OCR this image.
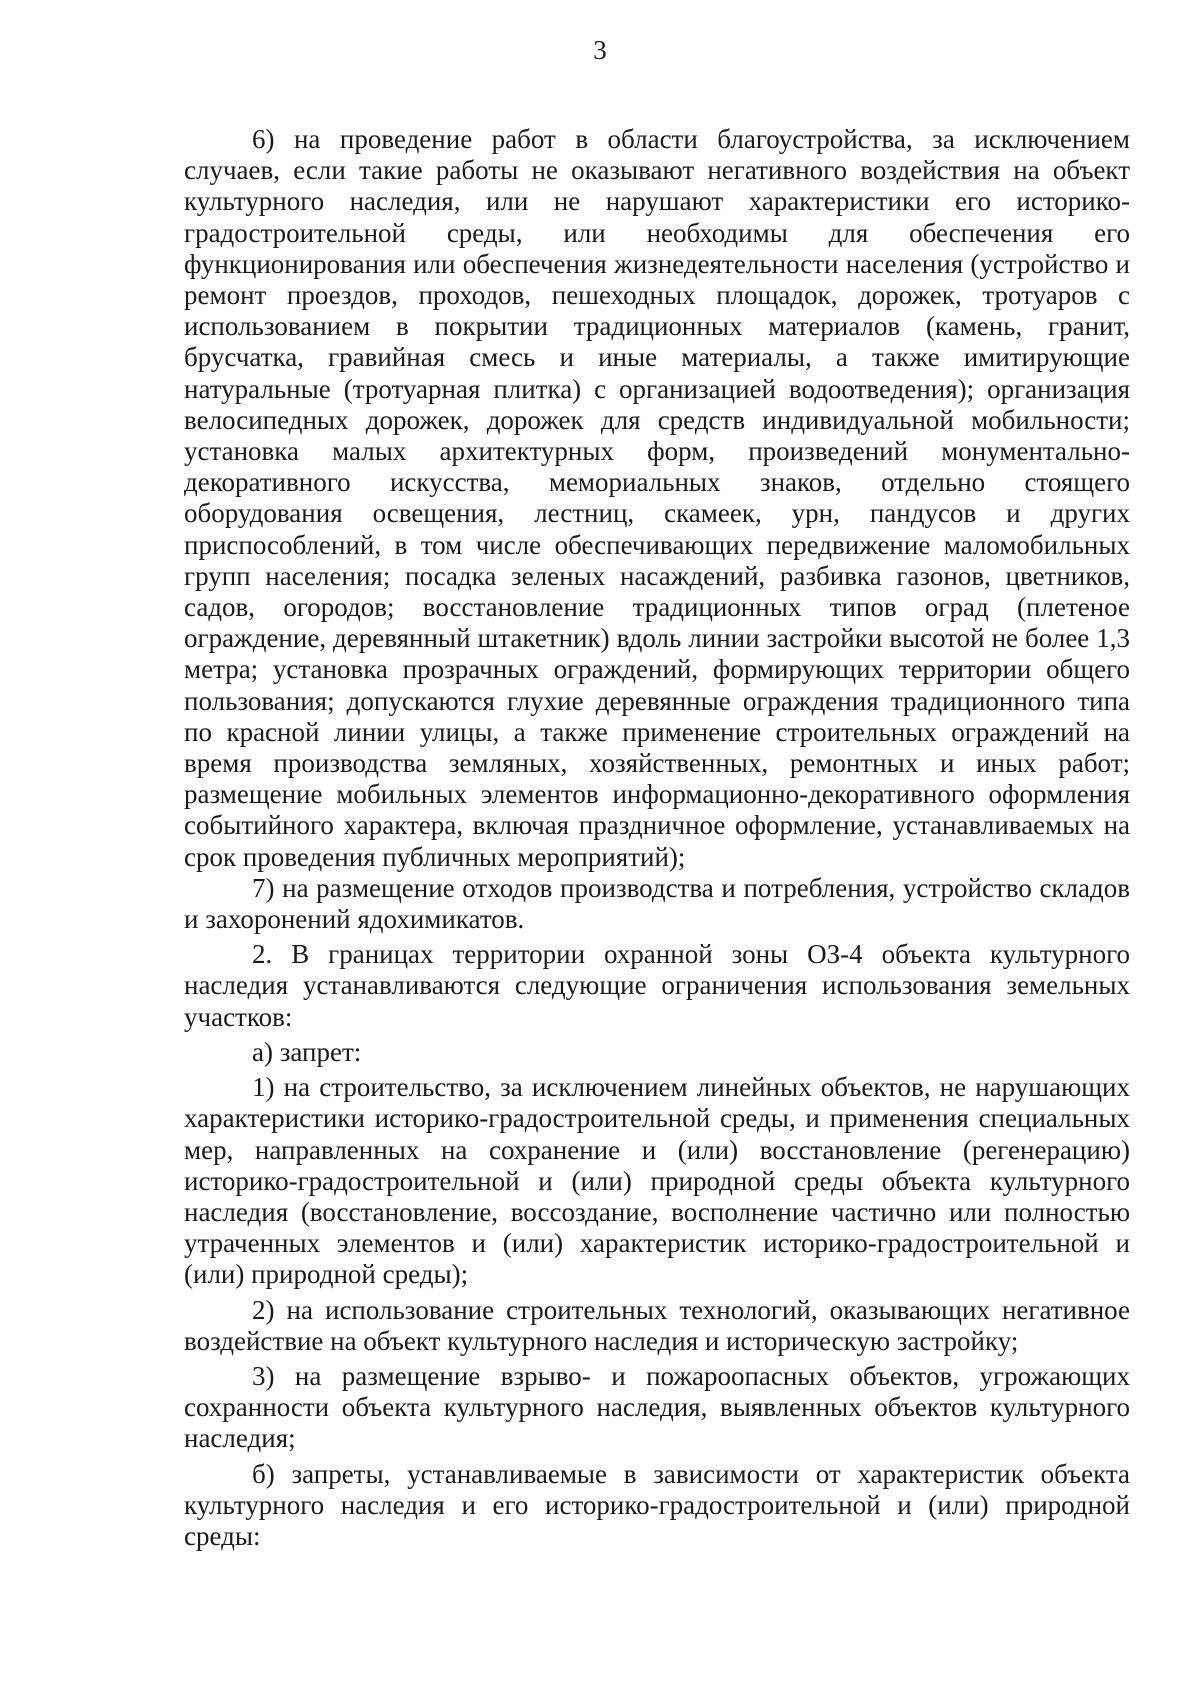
3

6) на проведение работ в области благоустройства, за исключением случаев, если такие работы не оказывают негативного воздействия на объект культурного наследия, или не нарушают характеристики его историко-градостроительной среды, или необходимы для обеспечения его функционирования или обеспечения жизнедеятельности населения (устройство и ремонт проездов, проходов, пешеходных площадок, дорожек, тротуаров с использованием в покрытии традиционных материалов (камень, гранит, брусчатка, гравийная смесь и иные материалы, а также имитирующие натуральные (тротуарная плитка) с организацией водоотведения); организация велосипедных дорожек, дорожек для средств индивидуальной мобильности; установка малых архитектурных форм, произведений монументально-декоративного искусства, мемориальных знаков, отдельно стоящего оборудования освещения, лестниц, скамеек, урн, пандусов и других приспособлений, в том числе обеспечивающих передвижение маломобильных групп населения; посадка зеленых насаждений, разбивка газонов, цветников, садов, огородов; восстановление традиционных типов оград (плетеное ограждение, деревянный штакетник) вдоль линии застройки высотой не более 1,3 метра; установка прозрачных ограждений, формирующих территории общего пользования; допускаются глухие деревянные ограждения традиционного типа по красной линии улицы, а также применение строительных ограждений на время производства земляных, хозяйственных, ремонтных и иных работ; размещение мобильных элементов информационно-декоративного оформления событийного характера, включая праздничное оформление, устанавливаемых на срок проведения публичных мероприятий);

7) на размещение отходов производства и потребления, устройство складов и захоронений ядохимикатов.

2. В границах территории охранной зоны ОЗ-4 объекта культурного наследия устанавливаются следующие ограничения использования земельных участков:

а) запрет:

1) на строительство, за исключением линейных объектов, не нарушающих характеристики историко-градостроительной среды, и применения специальных мер, направленных на сохранение и (или) восстановление (регенерацию) историко-градостроительной и (или) природной среды объекта культурного наследия (восстановление, воссоздание, восполнение частично или полностью утраченных элементов и (или) характеристик историко-градостроительной и (или) природной среды);

2) на использование строительных технологий, оказывающих негативное воздействие на объект культурного наследия и историческую застройку;

3) на размещение взрыво- и пожароопасных объектов, угрожающих сохранности объекта культурного наследия, выявленных объектов культурного наследия;

б) запреты, устанавливаемые в зависимости от характеристик объекта культурного наследия и его историко-градостроительной и (или) природной среды:
